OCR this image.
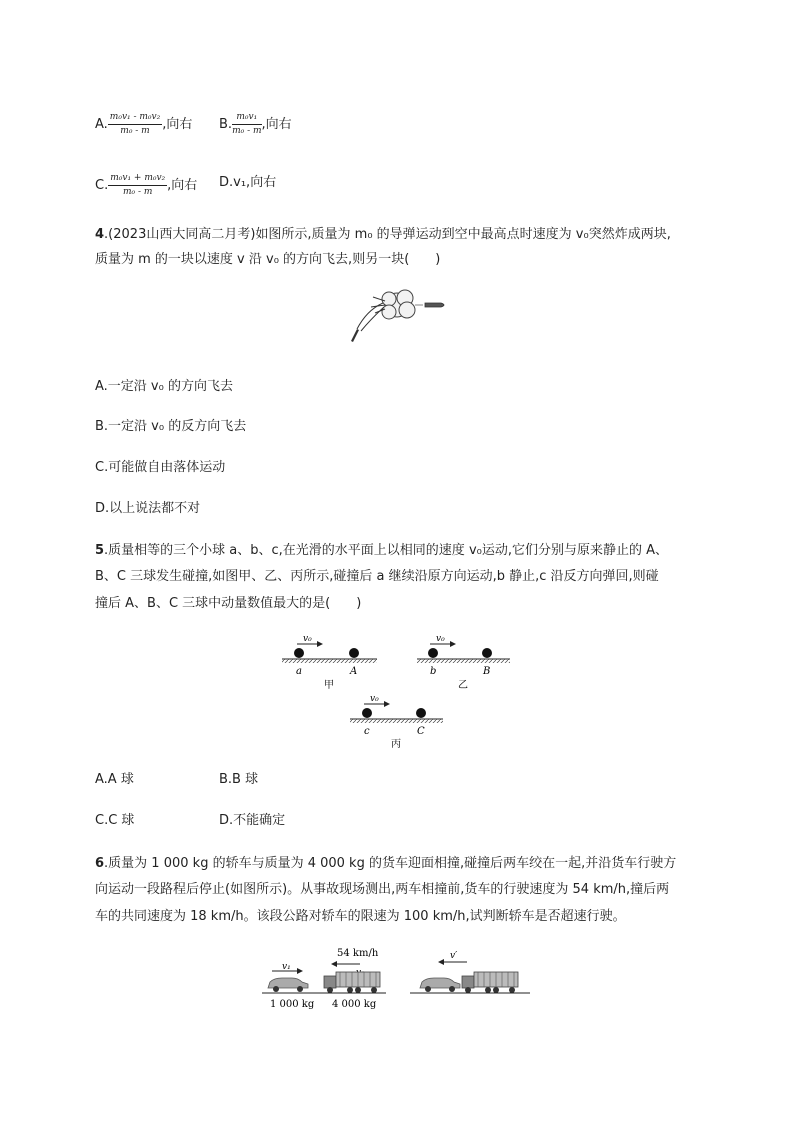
A. $\frac{\text{m₀v₁ - m₀v₂}}{\text{m₀ - m}}$ ,向右 B. $\frac{\text{m₀v₁}}{\text{m₀ - m}}$ ,向右
C. $\frac{\text{m₀v₁ + m₀v₂}}{\text{m₀ - m}}$ ,向右 D.v₁,向右
4.(2023山西大同高二月考)如图所示,质量为 m₀ 的导弹运动到空中最高点时速度为 v₀突然炸成两块,
质量为 m 的一块以速度 v 沿 v₀ 的方向飞去,则另一块(　　)
A.一定沿 v₀ 的方向飞去
B.一定沿 v₀ 的反方向飞去
C.可能做自由落体运动
D.以上说法都不对
5.质量相等的三个小球 a、b、c,在光滑的水平面上以相同的速度 v₀运动,它们分别与原来静止的 A、
B、C 三球发生碰撞,如图甲、乙、丙所示,碰撞后 a 继续沿原方向运动,b 静止,c 沿反方向弹回,则碰
撞后 A、B、C 三球中动量数值最大的是(　　)
v₀
a	A
甲
v₀
b	B
乙
v₀
c	C
丙
A.A 球	B.B 球
C.C 球	D.不能确定
6.质量为 1 000 kg 的轿车与质量为 4 000 kg 的货车迎面相撞,碰撞后两车绞在一起,并沿货车行驶方
向运动一段路程后停止(如图所示)。从事故现场测出,两车相撞前,货车的行驶速度为 54 km/h,撞后两
车的共同速度为 18 km/h。该段公路对轿车的限速为 100 km/h,试判断轿车是否超速行驶。
54 km/h
v₁
1 000 kg 4 000 kg
v′
